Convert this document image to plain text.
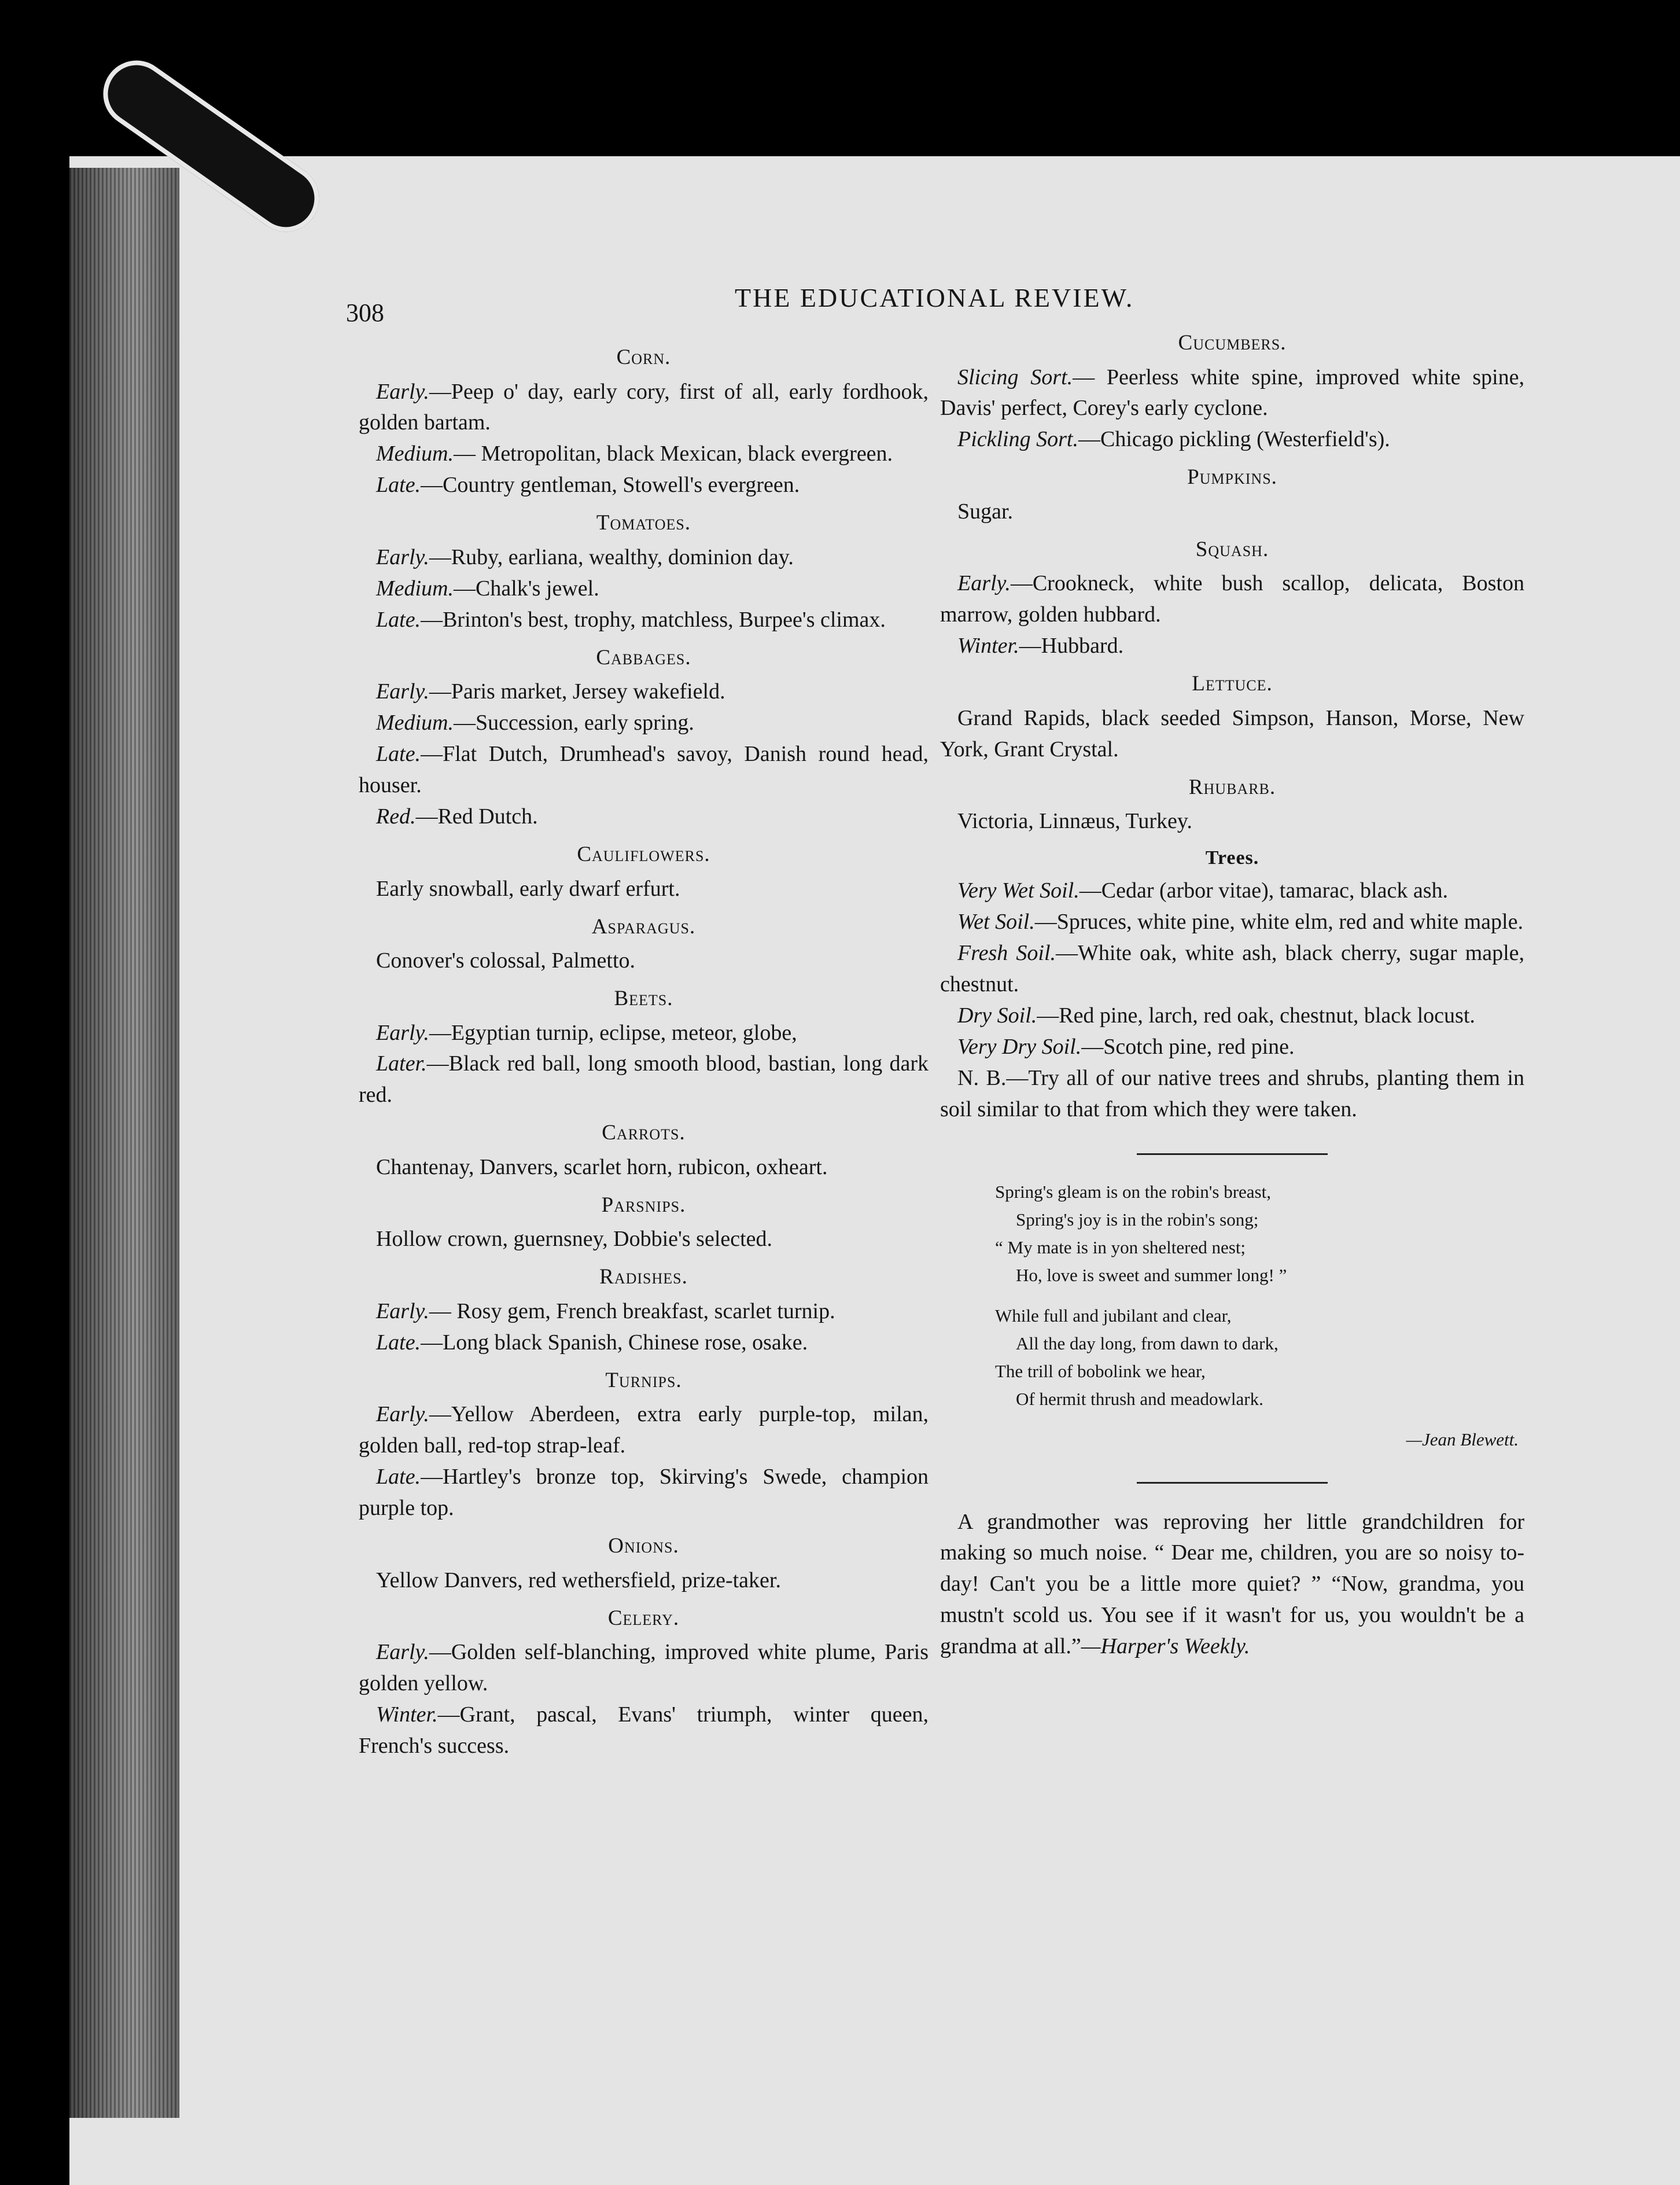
308
THE EDUCATIONAL REVIEW.
Corn.

Early.—Peep o' day, early cory, first of all, early fordhook, golden bartam.

Medium.— Metropolitan, black Mexican, black evergreen.

Late.—Country gentleman, Stowell's evergreen.

Tomatoes.

Early.—Ruby, earliana, wealthy, dominion day.

Medium.—Chalk's jewel.

Late.—Brinton's best, trophy, matchless, Burpee's climax.

Cabbages.

Early.—Paris market, Jersey wakefield.

Medium.—Succession, early spring.

Late.—Flat Dutch, Drumhead's savoy, Danish round head, houser.

Red.—Red Dutch.

Cauliflowers.

Early snowball, early dwarf erfurt.

Asparagus.

Conover's colossal, Palmetto.

Beets.

Early.—Egyptian turnip, eclipse, meteor, globe,

Later.—Black red ball, long smooth blood, bastian, long dark red.

Carrots.

Chantenay, Danvers, scarlet horn, rubicon, oxheart.

Parsnips.

Hollow crown, guernsney, Dobbie's selected.

Radishes.

Early.— Rosy gem, French breakfast, scarlet turnip.

Late.—Long black Spanish, Chinese rose, osake.

Turnips.

Early.—Yellow Aberdeen, extra early purple-top, milan, golden ball, red-top strap-leaf.

Late.—Hartley's bronze top, Skirving's Swede, champion purple top.

Onions.

Yellow Danvers, red wethersfield, prize-taker.

Celery.

Early.—Golden self-blanching, improved white plume, Paris golden yellow.

Winter.—Grant, pascal, Evans' triumph, winter queen, French's success.

Cucumbers.

Slicing Sort.— Peerless white spine, improved white spine, Davis' perfect, Corey's early cyclone.

Pickling Sort.—Chicago pickling (Westerfield's).

Pumpkins.

Sugar.

Squash.

Early.—Crookneck, white bush scallop, delicata, Boston marrow, golden hubbard.

Winter.—Hubbard.

Lettuce.

Grand Rapids, black seeded Simpson, Hanson, Morse, New York, Grant Crystal.

Rhubarb.

Victoria, Linnæus, Turkey.

Trees.

Very Wet Soil.—Cedar (arbor vitae), tamarac, black ash.

Wet Soil.—Spruces, white pine, white elm, red and white maple.

Fresh Soil.—White oak, white ash, black cherry, sugar maple, chestnut.

Dry Soil.—Red pine, larch, red oak, chestnut, black locust.

Very Dry Soil.—Scotch pine, red pine.

N. B.—Try all of our native trees and shrubs, planting them in soil similar to that from which they were taken.

Spring's gleam is on the robin's breast,
Spring's joy is in the robin's song;
“ My mate is in yon sheltered nest;
Ho, love is sweet and summer long! ”
While full and jubilant and clear,
All the day long, from dawn to dark,
The trill of bobolink we hear,
Of hermit thrush and meadowlark.
—Jean Blewett.

A grandmother was reproving her little grandchildren for making so much noise. “ Dear me, children, you are so noisy to-day! Can't you be a little more quiet? ” “Now, grandma, you mustn't scold us. You see if it wasn't for us, you wouldn't be a grandma at all.”—Harper's Weekly.
